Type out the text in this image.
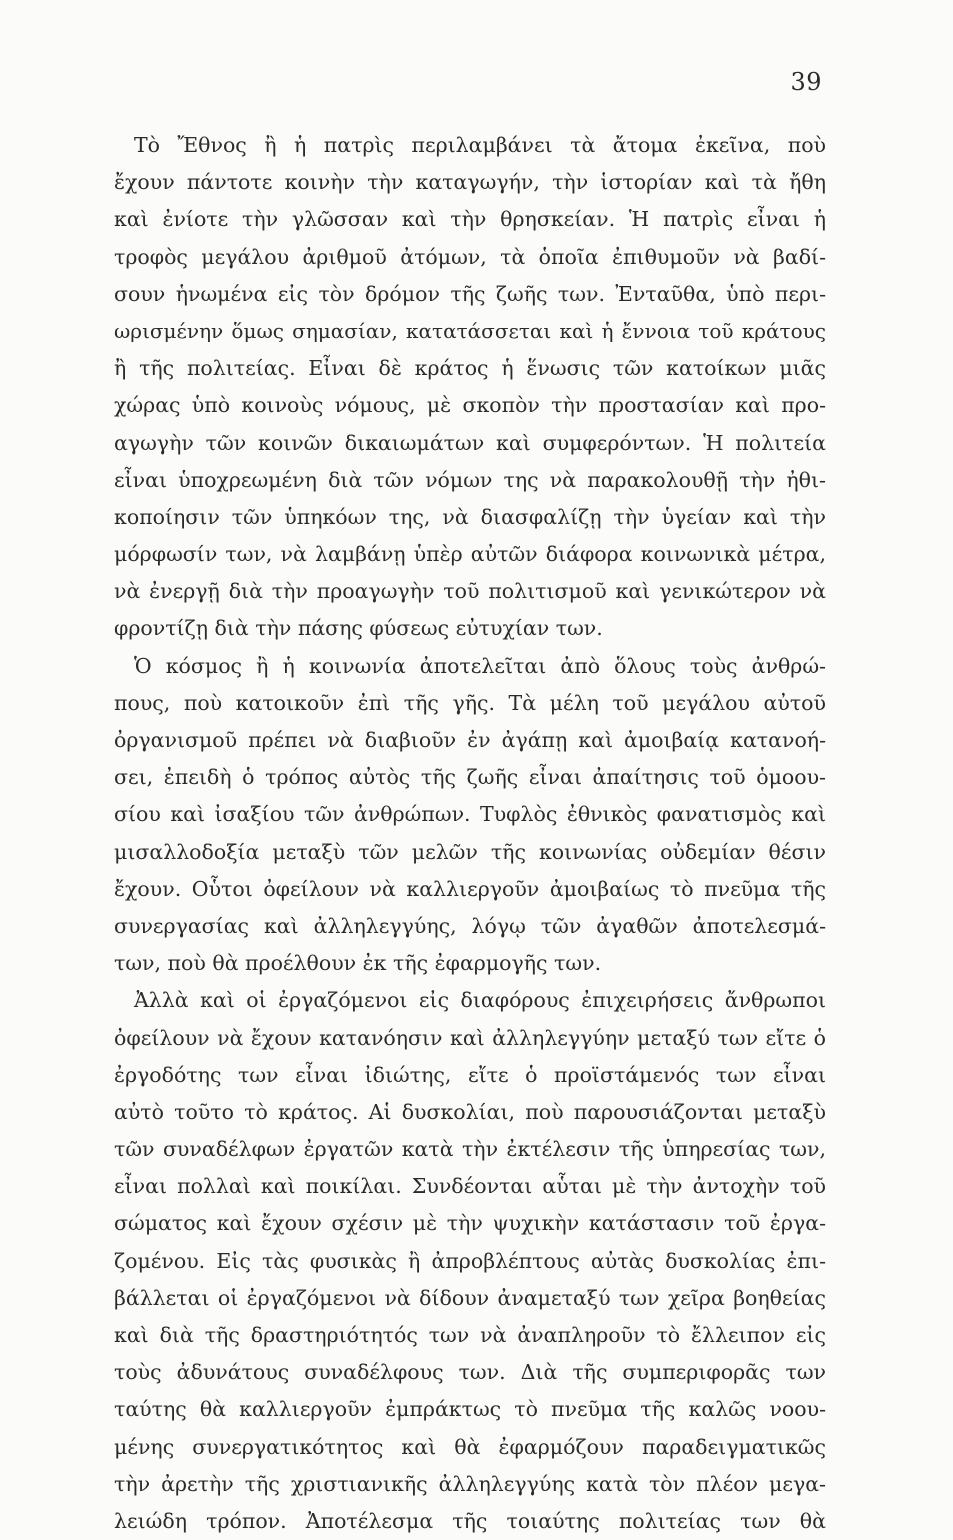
39
Τὸ Ἔθνος ἢ ἡ πατρὶς περιλαμβάνει τὰ ἄτομα ἐκεῖνα, ποὺ
ἔχουν πάντοτε κοινὴν τὴν καταγωγήν, τὴν ἱστορίαν καὶ τὰ ἤθη
καὶ ἐνίοτε τὴν γλῶσσαν καὶ τὴν θρησκείαν. Ἡ πατρὶς εἶναι ἡ
τροφὸς μεγάλου ἀριθμοῦ ἀτόμων, τὰ ὁποῖα ἐπιθυμοῦν νὰ βαδί-
σουν ἡνωμένα εἰς τὸν δρόμον τῆς ζωῆς των. Ἐνταῦθα, ὑπὸ περι-
ωρισμένην ὅμως σημασίαν, κατατάσσεται καὶ ἡ ἔννοια τοῦ κράτους
ἢ τῆς πολιτείας. Εἶναι δὲ κράτος ἡ ἕνωσις τῶν κατοίκων μιᾶς
χώρας ὑπὸ κοινοὺς νόμους, μὲ σκοπὸν τὴν προστασίαν καὶ προ-
αγωγὴν τῶν κοινῶν δικαιωμάτων καὶ συμφερόντων. Ἡ πολιτεία
εἶναι ὑποχρεωμένη διὰ τῶν νόμων της νὰ παρακολουθῇ τὴν ἠθι-
κοποίησιν τῶν ὑπηκόων της, νὰ διασφαλίζῃ τὴν ὑγείαν καὶ τὴν
μόρφωσίν των, νὰ λαμβάνῃ ὑπὲρ αὐτῶν διάφορα κοινωνικὰ μέτρα,
νὰ ἐνεργῇ διὰ τὴν προαγωγὴν τοῦ πολιτισμοῦ καὶ γενικώτερον νὰ
φροντίζῃ διὰ τὴν πάσης φύσεως εὐτυχίαν των.
Ὁ κόσμος ἢ ἡ κοινωνία ἀποτελεῖται ἀπὸ ὅλους τοὺς ἀνθρώ-
πους, ποὺ κατοικοῦν ἐπὶ τῆς γῆς. Τὰ μέλη τοῦ μεγάλου αὐτοῦ
ὀργανισμοῦ πρέπει νὰ διαβιοῦν ἐν ἀγάπῃ καὶ ἀμοιβαίᾳ κατανοή-
σει, ἐπειδὴ ὁ τρόπος αὐτὸς τῆς ζωῆς εἶναι ἀπαίτησις τοῦ ὁμοου-
σίου καὶ ἰσαξίου τῶν ἀνθρώπων. Τυφλὸς ἐθνικὸς φανατισμὸς καὶ
μισαλλοδοξία μεταξὺ τῶν μελῶν τῆς κοινωνίας οὐδεμίαν θέσιν
ἔχουν. Οὗτοι ὀφείλουν νὰ καλλιεργοῦν ἀμοιβαίως τὸ πνεῦμα τῆς
συνεργασίας καὶ ἀλληλεγγύης, λόγῳ τῶν ἀγαθῶν ἀποτελεσμά-
των, ποὺ θὰ προέλθουν ἐκ τῆς ἐφαρμογῆς των.
Ἀλλὰ καὶ οἱ ἐργαζόμενοι εἰς διαφόρους ἐπιχειρήσεις ἄνθρωποι
ὀφείλουν νὰ ἔχουν κατανόησιν καὶ ἀλληλεγγύην μεταξύ των εἴτε ὁ
ἐργοδότης των εἶναι ἰδιώτης, εἴτε ὁ προϊστάμενός των εἶναι
αὐτὸ τοῦτο τὸ κράτος. Αἱ δυσκολίαι, ποὺ παρουσιάζονται μεταξὺ
τῶν συναδέλφων ἐργατῶν κατὰ τὴν ἐκτέλεσιν τῆς ὑπηρεσίας των,
εἶναι πολλαὶ καὶ ποικίλαι. Συνδέονται αὗται μὲ τὴν ἀντοχὴν τοῦ
σώματος καὶ ἔχουν σχέσιν μὲ τὴν ψυχικὴν κατάστασιν τοῦ ἐργα-
ζομένου. Εἰς τὰς φυσικὰς ἢ ἀπροβλέπτους αὐτὰς δυσκολίας ἐπι-
βάλλεται οἱ ἐργαζόμενοι νὰ δίδουν ἀναμεταξύ των χεῖρα βοηθείας
καὶ διὰ τῆς δραστηριότητός των νὰ ἀναπληροῦν τὸ ἔλλειπον εἰς
τοὺς ἀδυνάτους συναδέλφους των. Διὰ τῆς συμπεριφορᾶς των
ταύτης θὰ καλλιεργοῦν ἐμπράκτως τὸ πνεῦμα τῆς καλῶς νοου-
μένης συνεργατικότητος καὶ θὰ ἐφαρμόζουν παραδειγματικῶς
τὴν ἀρετὴν τῆς χριστιανικῆς ἀλληλεγγύης κατὰ τὸν πλέον μεγα-
λειώδη τρόπον. Ἀποτέλεσμα τῆς τοιαύτης πολιτείας των θὰ
